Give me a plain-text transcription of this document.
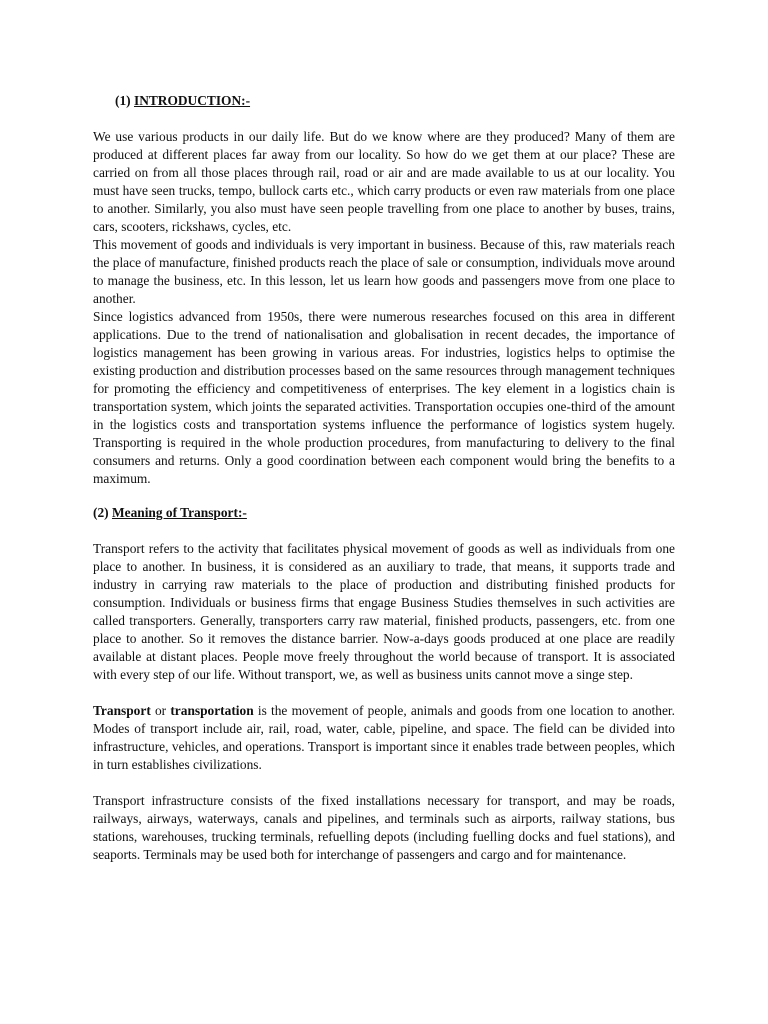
(1) INTRODUCTION:-

We use various products in our daily life. But do we know where are they produced? Many of them are produced at different places far away from our locality. So how do we get them at our place? These are carried on from all those places through rail, road or air and are made available to us at our locality. You must have seen trucks, tempo, bullock carts etc., which carry products or even raw materials from one place to another. Similarly, you also must have seen people travelling from one place to another by buses, trains, cars, scooters, rickshaws, cycles, etc.

This movement of goods and individuals is very important in business. Because of this, raw materials reach the place of manufacture, finished products reach the place of sale or consumption, individuals move around to manage the business, etc. In this lesson, let us learn how goods and passengers move from one place to another.

Since logistics advanced from 1950s, there were numerous researches focused on this area in different applications. Due to the trend of nationalisation and globalisation in recent decades, the importance of logistics management has been growing in various areas. For industries, logistics helps to optimise the existing production and distribution processes based on the same resources through management techniques for promoting the efficiency and competitiveness of enterprises. The key element in a logistics chain is transportation system, which joints the separated activities. Transportation occupies one-third of the amount in the logistics costs and transportation systems influence the performance of logistics system hugely. Transporting is required in the whole production procedures, from manufacturing to delivery to the final consumers and returns. Only a good coordination between each component would bring the benefits to a maximum.

(2) Meaning of Transport:-

Transport refers to the activity that facilitates physical movement of goods as well as individuals from one place to another. In business, it is considered as an auxiliary to trade, that means, it supports trade and industry in carrying raw materials to the place of production and distributing finished products for consumption. Individuals or business firms that engage Business Studies themselves in such activities are called transporters. Generally, transporters carry raw material, finished products, passengers, etc. from one place to another. So it removes the distance barrier. Now-a-days goods produced at one place are readily available at distant places. People move freely throughout the world because of transport. It is associated with every step of our life. Without transport, we, as well as business units cannot move a singe step.

Transport or transportation is the movement of people, animals and goods from one location to another. Modes of transport include air, rail, road, water, cable, pipeline, and space. The field can be divided into infrastructure, vehicles, and operations. Transport is important since it enables trade between peoples, which in turn establishes civilizations.

Transport infrastructure consists of the fixed installations necessary for transport, and may be roads, railways, airways, waterways, canals and pipelines, and terminals such as airports, railway stations, bus stations, warehouses, trucking terminals, refuelling depots (including fuelling docks and fuel stations), and seaports. Terminals may be used both for interchange of passengers and cargo and for maintenance.
